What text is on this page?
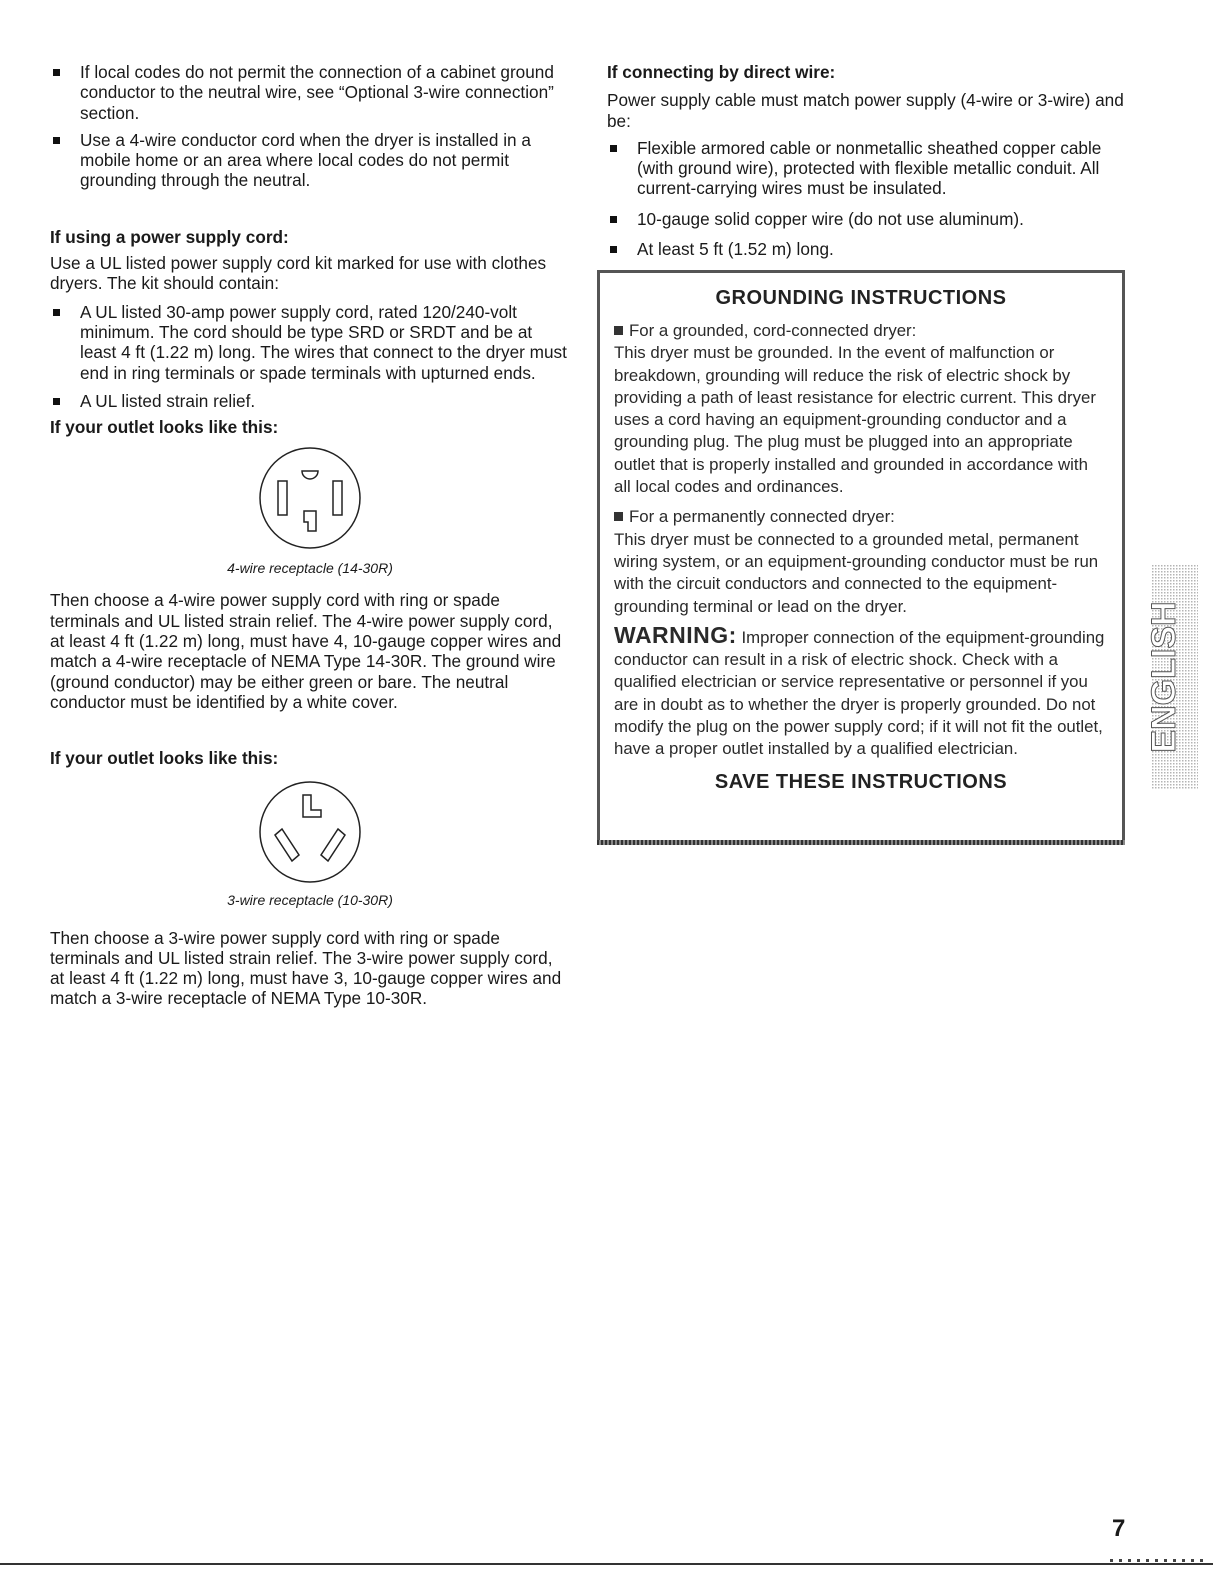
If local codes do not permit the connection of a cabinet ground conductor to the neutral wire, see “Optional 3-wire connection” section.
Use a 4-wire conductor cord when the dryer is installed in a mobile home or an area where local codes do not permit grounding through the neutral.

If using a power supply cord:

Use a UL listed power supply cord kit marked for use with clothes dryers. The kit should contain:

A UL listed 30-amp power supply cord, rated 120/240-volt minimum. The cord should be type SRD or SRDT and be at least 4 ft (1.22 m) long. The wires that connect to the dryer must end in ring terminals or spade terminals with upturned ends.
A UL listed strain relief.

If your outlet looks like this:

4-wire receptacle (14-30R)

Then choose a 4-wire power supply cord with ring or spade terminals and UL listed strain relief. The 4-wire power supply cord, at least 4 ft (1.22 m) long, must have 4, 10-gauge copper wires and match a 4-wire receptacle of NEMA Type 14-30R. The ground wire (ground conductor) may be either green or bare. The neutral conductor must be identified by a white cover.

If your outlet looks like this:

3-wire receptacle (10-30R)

Then choose a 3-wire power supply cord with ring or spade terminals and UL listed strain relief. The 3-wire power supply cord, at least 4 ft (1.22 m) long, must have 3, 10-gauge copper wires and match a 3-wire receptacle of NEMA Type 10-30R.

If connecting by direct wire:

Power supply cable must match power supply (4-wire or 3-wire) and be:

Flexible armored cable or nonmetallic sheathed copper cable (with ground wire), protected with flexible metallic conduit. All current-carrying wires must be insulated.
10-gauge solid copper wire (do not use aluminum).
At least 5 ft (1.52 m) long.

GROUNDING INSTRUCTIONS

For a grounded, cord-connected dryer:

This dryer must be grounded. In the event of malfunction or breakdown, grounding will reduce the risk of electric shock by providing a path of least resistance for electric current. This dryer uses a cord having an equipment-grounding conductor and a grounding plug. The plug must be plugged into an appropriate outlet that is properly installed and grounded in accordance with all local codes and ordinances.

For a permanently connected dryer:

This dryer must be connected to a grounded metal, permanent wiring system, or an equipment-grounding conductor must be run with the circuit conductors and connected to the equipment-grounding terminal or lead on the dryer.

WARNING: Improper connection of the equipment-grounding conductor can result in a risk of electric shock. Check with a qualified electrician or service representative or personnel if you are in doubt as to whether the dryer is properly grounded. Do not modify the plug on the power supply cord; if it will not fit the outlet, have a proper outlet installed by a qualified electrician.

SAVE THESE INSTRUCTIONS

ENGLISH
7
